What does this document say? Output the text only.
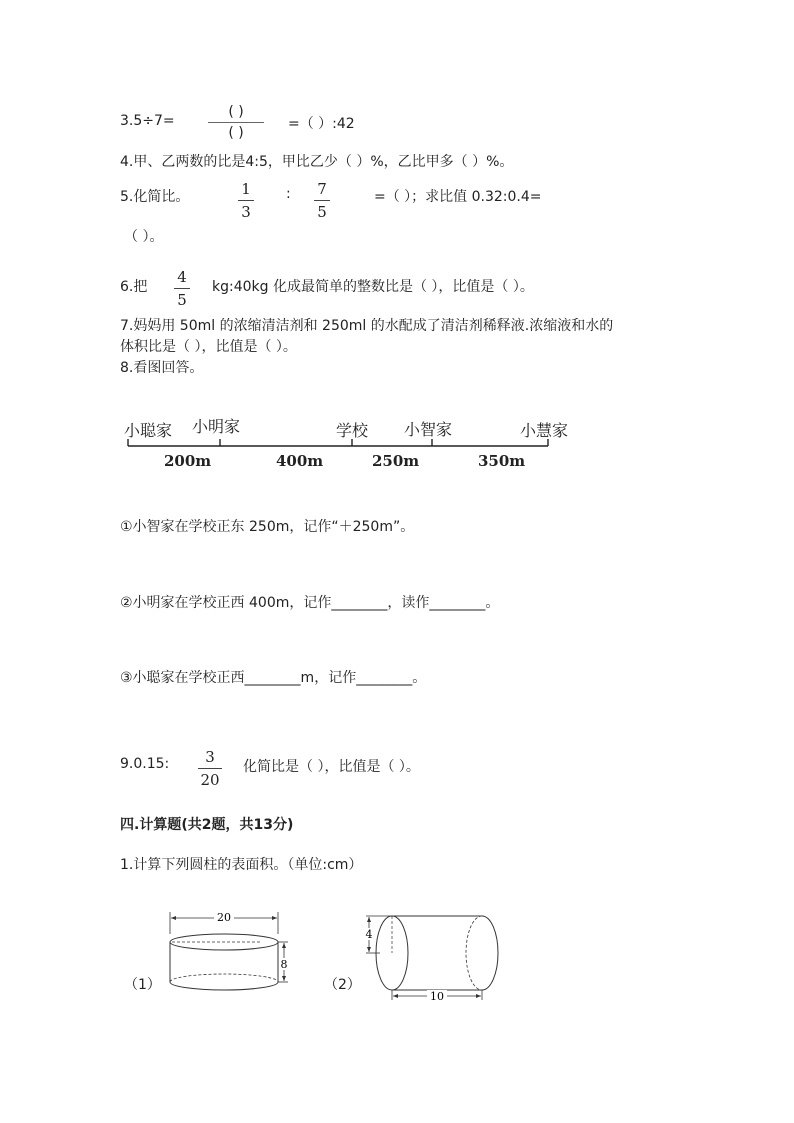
3.5÷7=
( )
( )
=（ ）:42
4.甲、乙两数的比是4:5，甲比乙少（ ）%，乙比甲多（ ）%。
5.化简比。	1
3
: 7
5
=（ ）；求比值 0.32:0.4=
（ ）。
6.把
4
5
kg:40kg 化成最简单的整数比是（ ），比值是（ ）。
7.妈妈用 50ml 的浓缩清洁剂和 250ml 的水配成了清洁剂稀释液.浓缩液和水的
体积比是（ ），比值是（ ）。
8.看图回答。
小聪家 小明家	学校 小智家	小慧家
200m	400m	250m	350m
①小智家在学校正东 250m，记作“＋250m”。
②小明家在学校正西 400m，记作________，读作________。
③小聪家在学校正西________m，记作________。
9.0.15:	3
20
化简比是（ ），比值是（ ）。
四.计算题(共2题，共13分)
1.计算下列圆柱的表面积。（单位:cm）
（1）
20
8
（2）
4
10
